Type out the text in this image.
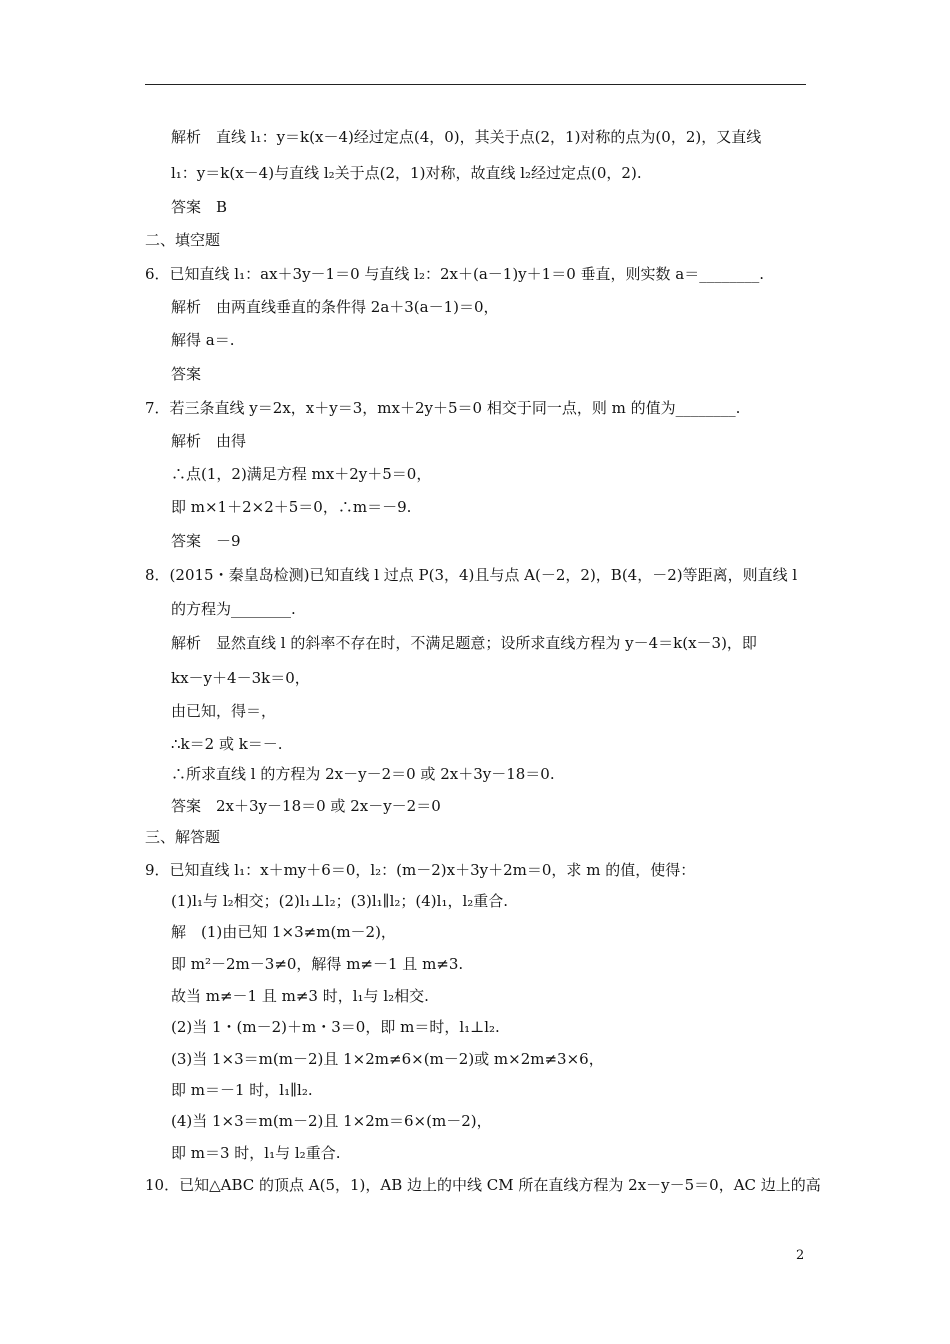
解析　直线 l₁：y＝k(x－4)经过定点(4，0)，其关于点(2，1)对称的点为(0，2)，又直线
l₁：y＝k(x－4)与直线 l₂关于点(2，1)对称，故直线 l₂经过定点(0，2).
答案　B
二、填空题
6．已知直线 l₁：ax＋3y－1＝0 与直线 l₂：2x＋(a－1)y＋1＝0 垂直，则实数 a＝________.
解析　由两直线垂直的条件得 2a＋3(a－1)＝0，
解得 a＝.
答案
7．若三条直线 y＝2x，x＋y＝3，mx＋2y＋5＝0 相交于同一点，则 m 的值为________.
解析　由得
∴点(1，2)满足方程 mx＋2y＋5＝0，
即 m×1＋2×2＋5＝0，∴m＝－9.
答案　－9
8．(2015・秦皇岛检测)已知直线 l 过点 P(3，4)且与点 A(－2，2)，B(4，－2)等距离，则直线 l
的方程为________.
解析　显然直线 l 的斜率不存在时，不满足题意；设所求直线方程为 y－4＝k(x－3)，即
kx－y＋4－3k＝0，
由已知，得＝，
∴k＝2 或 k＝－.
∴所求直线 l 的方程为 2x－y－2＝0 或 2x＋3y－18＝0.
答案　2x＋3y－18＝0 或 2x－y－2＝0
三、解答题
9．已知直线 l₁：x＋my＋6＝0，l₂：(m－2)x＋3y＋2m＝0，求 m 的值，使得：
(1)l₁与 l₂相交；(2)l₁⊥l₂；(3)l₁∥l₂；(4)l₁，l₂重合.
解　(1)由已知 1×3≠m(m－2)，
即 m²－2m－3≠0，解得 m≠－1 且 m≠3.
故当 m≠－1 且 m≠3 时，l₁与 l₂相交.
(2)当 1・(m－2)＋m・3＝0，即 m＝时，l₁⊥l₂.
(3)当 1×3＝m(m－2)且 1×2m≠6×(m－2)或 m×2m≠3×6，
即 m＝－1 时，l₁∥l₂.
(4)当 1×3＝m(m－2)且 1×2m＝6×(m－2)，
即 m＝3 时，l₁与 l₂重合.
10．已知△ABC 的顶点 A(5，1)，AB 边上的中线 CM 所在直线方程为 2x－y－5＝0，AC 边上的高
2
